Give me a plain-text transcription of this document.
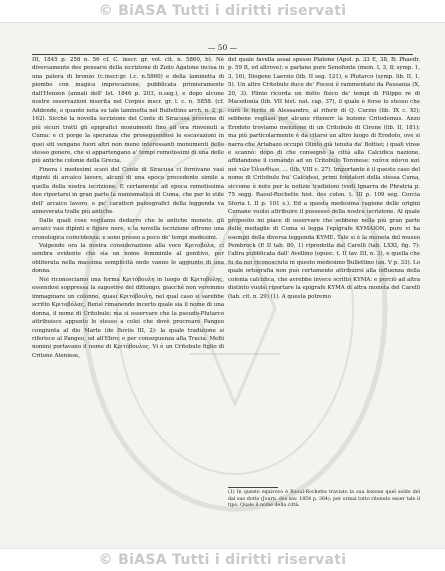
© BiASA Tutti i diritti riservati
— 50 —

III, 1845 p. 258 n. 56 cf. C. inscr. gr. vol. cit. n. 5860, b). Nè diversamente dee pensarsi della iscrizione di Zoilo Agatone incisa in una patera di bronzo (c.inscr.gr. l.c. n.5860) e della laminetta di piombo con magica imprecazione, pubblicata primieramente dall'Henzen (annali dell' Ist. 1846 p. 203, n.seg.), e dopo alcune nostre osservazioni inserita nel Corpus inscr. gr. l. c. n. 5858. (cf. Addende, e quanto nota su tale laminetta nel Bullettino arch. n. 2, p. 162). Sicchè la novella iscrizione del Conte di Siracusa proviene di più sicuri tratti gli epigrafici monumenti fino ad ora rinvenuti a Cuma: e ci porge la speranza che proseguendosi le escavazioni in quei siti vengano fuori altri non meno interessanti monumenti dello stesso genere, che si appartengano a' tempi remotissimi di una delle più antiche colonie della Grecia.

Finora i medesimi scavi del Conte di Siracusa ci fornivano vasi dipinti di arcaico lavoro, alcuni di una epoca precedente simile a quella della nostra iscrizione. E certamente ad epoca remotissima dee riportarsi in gran parte la numismatica di Cuma, che per lo stile dell' arcaico lavoro, e pe' caratteri paleografici della leggenda va annoverata tralle più antiche.

Dalle quali cose vogliamo dedurre che le antiche monete, gli arcaici vasi dipinti e figure nere, e la novella iscrizione offrono una cronologica coincidenza; e sono presso a poco de' tempi medesimi.

Volgendo ora la nostra considerazione alla voce Κριτοβόλα, ci sembra evidente che sia un nome femminile al genitivo, per obliterata nella massima semplicità onde vanno le aggiunte di una donna.

Noi riconosciamo una forma Κριτόβουλη in luogo di Κριτοβόλης, essendosi soppressa la sugostive del dittongo; giacché non veremmo immaginare un colonno, quasi Κριτόβουλη, nel qual caso si sarebbe scritto Κριτοβόλας. Bensì rimanendo incerto quale sia il nome di una donna, il nome di Critobule; ma si osservare che la pseudo-Plutarco attribuisce appunto lo stesso a colei che dovè procreare Pangeo congiunta al dio Marte (de fluviis III, 2): la quale tradizione si riferisce al Pangeo, od all'Ebro; e per conseguenza alla Tracia. Molti nomini portavano il nome di Κριτόβουλος. Vi è un Critobulo figlio di Critone Ateniese,

del quale favella assai spesso Platone (Apol. p. 33 E, 38, B; Phaedr. p. 59 B, ed altrove); e parlano pure Senofonte (mem. I, 3, 8; symp. 1, 3, 16), Diogene Laerzio (lib. II seg. 121), e Plutarco (symp. lib. II, 1, 5). Un altro Critobulo duce de' Focesi è rammentato da Pausania (X, 20, 3). Plinio ricorda un dotto fisico de' tempi di Filippo re di Macedonia (lib. VII hist. nat. cap. 37), il quale è forse lo stesso che curò le ferite di Alessandro, al riferir di Q. Curzio (lib. IX c. XI); sebbene vogliasi per alcuno ritenerr la lezione Critodemus. Anzo Erodoto troviamo menzione di un Critobulo di Cirene (lib. II, 181); ma più particolarmente è da citarsi un altro luogo di Erodoto, ove si narra che Artabazo occupò Olinto già tenuta da' Bottiei; i quali vinse e scannò: dopo di che consegnò la città alla Calcidica nazione, affidandone il comando ad un Critobulo Toronese: ταῦτα πάντα καὶ ποὶ τῶν Ὀλυνθίων, ... (lib. VIII c. 27). Importante è il questo caso del nome di Critobulo fra' Calcidesi, primi fondatori della stessa Cuma, siccome è noto per le notizie tradizioni (vedi Ignarra de Phratria p. 75 segg. Raoul-Rochette hist. des colon. t. III p. 109 seg. Corcia Storia t. II p. 101 s.). Ed a questa medesima ragione delle origini Cumane vuolsi attribuire il possesso della nostra iscrizione. Al quale proposito mi piace di osservare che sebbene nella più gran parte delle medaglie di Cuma si legga l'epigrafe ΚΥΜΑΙΟΝ, pure vi ha esempii della diversa leggenda ΚΥΜΕ. Tale si è la moneta del museo Pembrock (P. II tab. 80, 1) riprodotta dal Carelli (tab. LXXI, fig. 7): l'altra pubblicata dall' Avellino (opusc. t. II tav. III, n. 3), e quella che fu da noi riconosciuta in questo medesimo Bullettino (an. V p. 33). Lo quale ortografia non può certamente attribuirsi alla influenza della colonia calcidica, che avrebbe invece scritto ΚΥΜΑ: e perciò ad altra distinto vuolsi riportare la epigrafe ΚΥΜΑ di altra moneta del Carelli (tab. cit. n. 29) (1). A questa potremo

(1) In questo equivoco è Raoul-Rochette traviato la sua lezione quel soldo del dal suo dotto (Journ. des sav. 1854 p. 364); per ormai tutto ritenuto esser tale il tipo. Quale il nome della città.
© BiASA Tutti i diritti riservati
